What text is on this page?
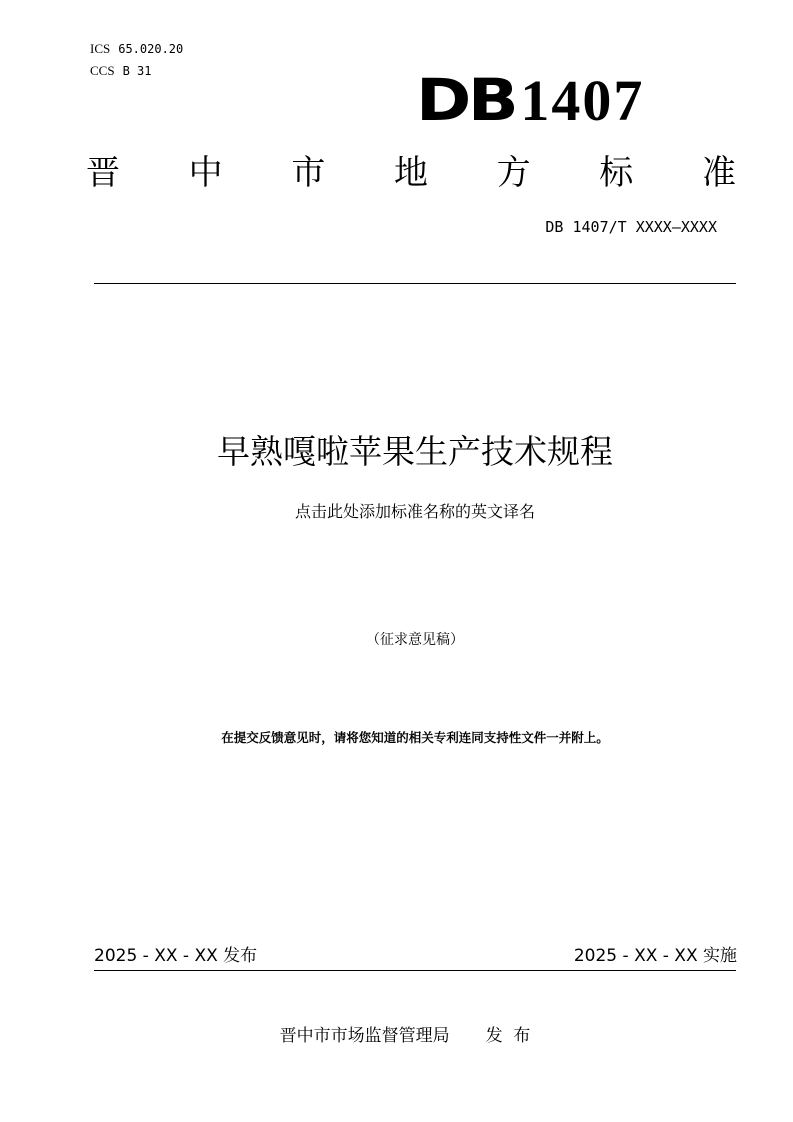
ICS 65.020.20
CCS B 31	DB1407
晋 中 市 地 方 标 准
DB 1407/T XXXX—XXXX
早熟嘎啦苹果生产技术规程
点击此处添加标准名称的英文译名
（征求意见稿）
在提交反馈意见时，请将您知道的相关专利连同支持性文件一并附上。
2025 - XX - XX 发布	2025 - XX - XX 实施
晋中市市场监督管理局 发  布
